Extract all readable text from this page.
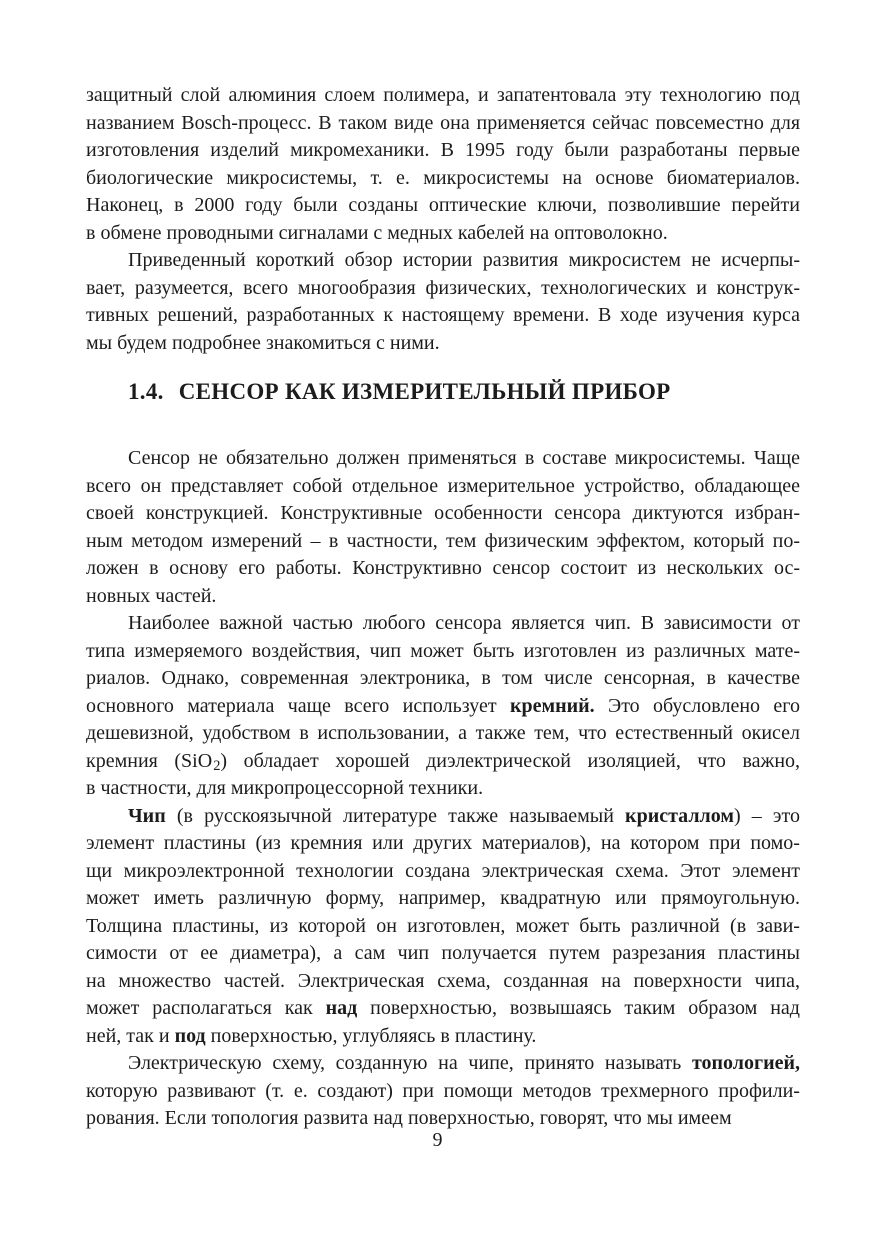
защитный слой алюминия слоем полимера, и запатентовала эту технологию под
названием Bosch-процесс. В таком виде она применяется сейчас повсеместно для
изготовления изделий микромеханики. В 1995 году были разработаны первые
биологические микросистемы, т. е. микросистемы на основе биоматериалов.
Наконец, в 2000 году были созданы оптические ключи, позволившие перейти
в обмене проводными сигналами с медных кабелей на оптоволокно.
Приведенный короткий обзор истории развития микросистем не исчерпы-
вает, разумеется, всего многообразия физических, технологических и конструк-
тивных решений, разработанных к настоящему времени. В ходе изучения курса
мы будем подробнее знакомиться с ними.
1.4. СЕНСОР КАК ИЗМЕРИТЕЛЬНЫЙ ПРИБОР
Сенсор не обязательно должен применяться в составе микросистемы. Чаще
всего он представляет собой отдельное измерительное устройство, обладающее
своей конструкцией. Конструктивные особенности сенсора диктуются избран-
ным методом измерений – в частности, тем физическим эффектом, который по-
ложен в основу его работы. Конструктивно сенсор состоит из нескольких ос-
новных частей.
Наиболее важной частью любого сенсора является чип. В зависимости от
типа измеряемого воздействия, чип может быть изготовлен из различных мате-
риалов. Однако, современная электроника, в том числе сенсорная, в качестве
основного материала чаще всего использует кремний. Это обусловлено его
дешевизной, удобством в использовании, а также тем, что естественный окисел
кремния (SiO$_2$) обладает хорошей диэлектрической изоляцией, что важно,
в частности, для микропроцессорной техники.
Чип (в русскоязычной литературе также называемый кристаллом) – это
элемент пластины (из кремния или других материалов), на котором при помо-
щи микроэлектронной технологии создана электрическая схема. Этот элемент
может иметь различную форму, например, квадратную или прямоугольную.
Толщина пластины, из которой он изготовлен, может быть различной (в зави-
симости от ее диаметра), а сам чип получается путем разрезания пластины
на множество частей. Электрическая схема, созданная на поверхности чипа,
может располагаться как над поверхностью, возвышаясь таким образом над
ней, так и под поверхностью, углубляясь в пластину.
Электрическую схему, созданную на чипе, принято называть топологией,
которую развивают (т. е. создают) при помощи методов трехмерного профили-
рования. Если топология развита над поверхностью, говорят, что мы имеем
9
